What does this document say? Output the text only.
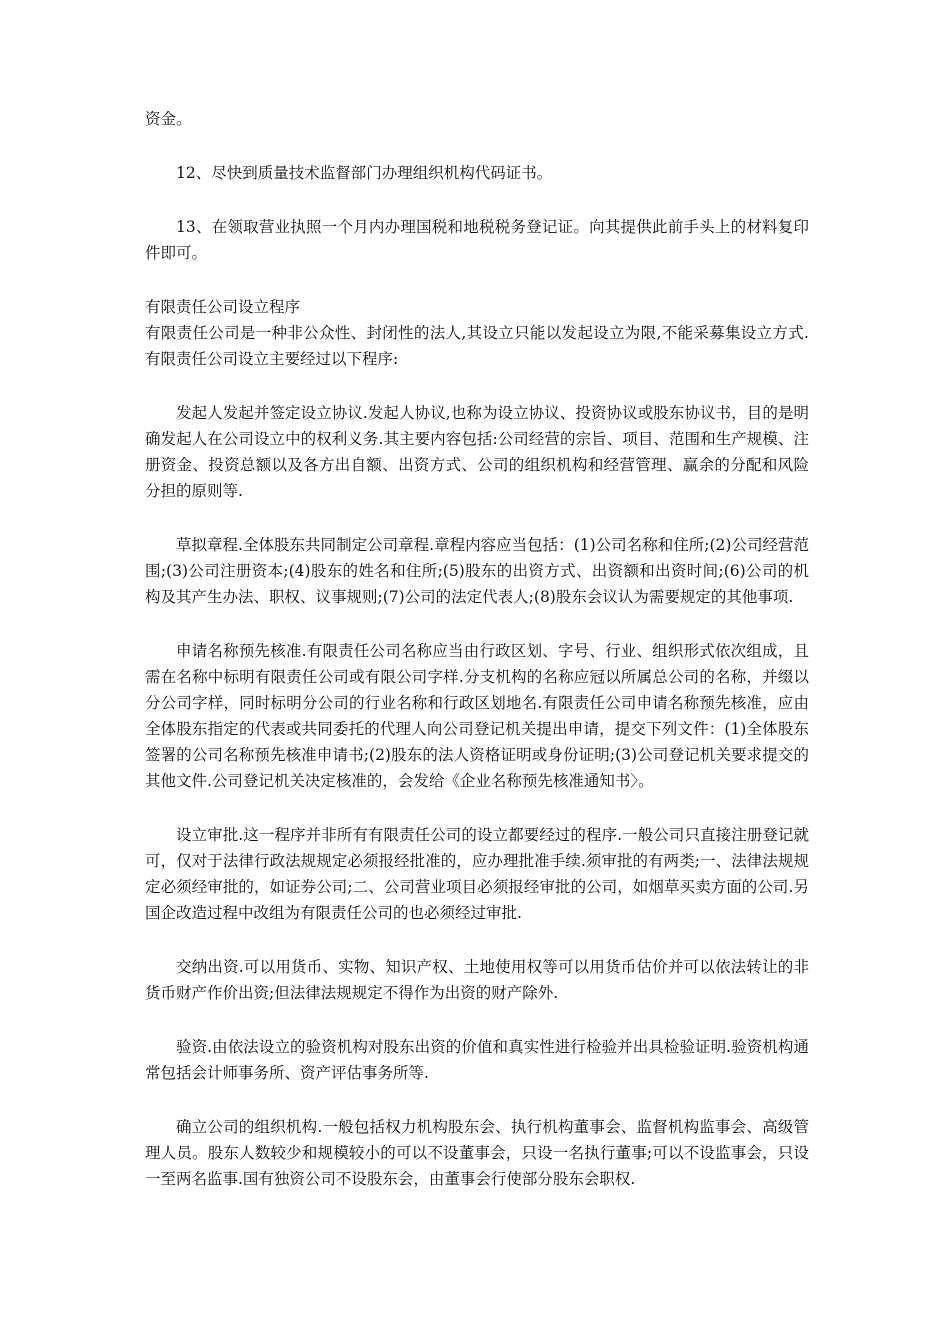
资金。

12、尽快到质量技术监督部门办理组织机构代码证书。

13、在领取营业执照一个月内办理国税和地税税务登记证。向其提供此前手头上的材料复印件即可。

有限责任公司设立程序

有限责任公司是一种非公众性、封闭性的法人,其设立只能以发起设立为限,不能采募集设立方式.有限责任公司设立主要经过以下程序:

发起人发起并签定设立协议.发起人协议,也称为设立协议、投资协议或股东协议书，目的是明确发起人在公司设立中的权利义务.其主要内容包括:公司经营的宗旨、项目、范围和生产规模、注册资金、投资总额以及各方出自额、出资方式、公司的组织机构和经营管理、赢余的分配和风险分担的原则等.

草拟章程.全体股东共同制定公司章程.章程内容应当包括：(1)公司名称和住所;(2)公司经营范围;(3)公司注册资本;(4)股东的姓名和住所;(5)股东的出资方式、出资额和出资时间;(6)公司的机构及其产生办法、职权、议事规则;(7)公司的法定代表人;(8)股东会议认为需要规定的其他事项.

申请名称预先核准.有限责任公司名称应当由行政区划、字号、行业、组织形式依次组成，且需在名称中标明有限责任公司或有限公司字样.分支机构的名称应冠以所属总公司的名称，并缀以分公司字样，同时标明分公司的行业名称和行政区划地名.有限责任公司申请名称预先核准，应由全体股东指定的代表或共同委托的代理人向公司登记机关提出申请，提交下列文件：(1)全体股东签署的公司名称预先核准申请书;(2)股东的法人资格证明或身份证明;(3)公司登记机关要求提交的其他文件.公司登记机关决定核准的，会发给《企业名称预先核准通知书〉。

设立审批.这一程序并非所有有限责任公司的设立都要经过的程序.一般公司只直接注册登记就可，仅对于法律行政法规规定必须报经批准的，应办理批准手续.须审批的有两类;一、法律法规规定必须经审批的，如证券公司;二、公司营业项目必须报经审批的公司，如烟草买卖方面的公司.另国企改造过程中改组为有限责任公司的也必须经过审批.

交纳出资.可以用货币、实物、知识产权、土地使用权等可以用货币估价并可以依法转让的非货币财产作价出资;但法律法规规定不得作为出资的财产除外.

验资.由依法设立的验资机构对股东出资的价值和真实性进行检验并出具检验证明.验资机构通常包括会计师事务所、资产评估事务所等.

确立公司的组织机构.一般包括权力机构股东会、执行机构董事会、监督机构监事会、高级管理人员。股东人数较少和规模较小的可以不设董事会，只设一名执行董事;可以不设监事会，只设一至两名监事.国有独资公司不设股东会，由董事会行使部分股东会职权.
